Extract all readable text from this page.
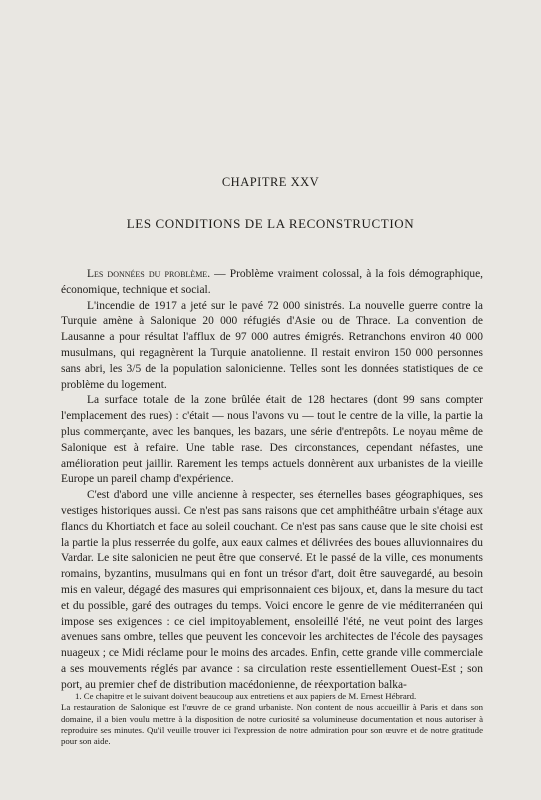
CHAPITRE XXV
LES CONDITIONS DE LA RECONSTRUCTION

Les données du problème. — Problème vraiment colossal, à la fois démographique, économique, technique et social.

L'incendie de 1917 a jeté sur le pavé 72 000 sinistrés. La nouvelle guerre contre la Turquie amène à Salonique 20 000 réfugiés d'Asie ou de Thrace. La convention de Lausanne a pour résultat l'afflux de 97 000 autres émigrés. Retranchons environ 40 000 musulmans, qui regagnèrent la Turquie anatolienne. Il restait environ 150 000 personnes sans abri, les 3/5 de la population salonicienne. Telles sont les données statistiques de ce problème du logement.

La surface totale de la zone brûlée était de 128 hectares (dont 99 sans compter l'emplacement des rues) : c'était — nous l'avons vu — tout le centre de la ville, la partie la plus commerçante, avec les banques, les bazars, une série d'entrepôts. Le noyau même de Salonique est à refaire. Une table rase. Des circonstances, cependant néfastes, une amélioration peut jaillir. Rarement les temps actuels donnèrent aux urbanistes de la vieille Europe un pareil champ d'expérience.

C'est d'abord une ville ancienne à respecter, ses éternelles bases géographiques, ses vestiges historiques aussi. Ce n'est pas sans raisons que cet amphithéâtre urbain s'étage aux flancs du Khortiatch et face au soleil couchant. Ce n'est pas sans cause que le site choisi est la partie la plus resserrée du golfe, aux eaux calmes et délivrées des boues alluvionnaires du Vardar. Le site salonicien ne peut être que conservé. Et le passé de la ville, ces monuments romains, byzantins, musulmans qui en font un trésor d'art, doit être sauvegardé, au besoin mis en valeur, dégagé des masures qui emprisonnaient ces bijoux, et, dans la mesure du tact et du possible, garé des outrages du temps. Voici encore le genre de vie méditerranéen qui impose ses exigences : ce ciel impitoyablement, ensoleillé l'été, ne veut point des larges avenues sans ombre, telles que peuvent les concevoir les architectes de l'école des paysages nuageux ; ce Midi réclame pour le moins des arcades. Enfin, cette grande ville commerciale a ses mouvements réglés par avance : sa circulation reste essentiellement Ouest-Est ; son port, au premier chef de distribution macédonienne, de réexportation balka-

1. Ce chapitre et le suivant doivent beaucoup aux entretiens et aux papiers de M. Ernest Hébrard.

La restauration de Salonique est l'œuvre de ce grand urbaniste. Non content de nous accueillir à Paris et dans son domaine, il a bien voulu mettre à la disposition de notre curiosité sa volumineuse documentation et nous autoriser à reproduire ses minutes. Qu'il veuille trouver ici l'expression de notre admiration pour son œuvre et de notre gratitude pour son aide.
